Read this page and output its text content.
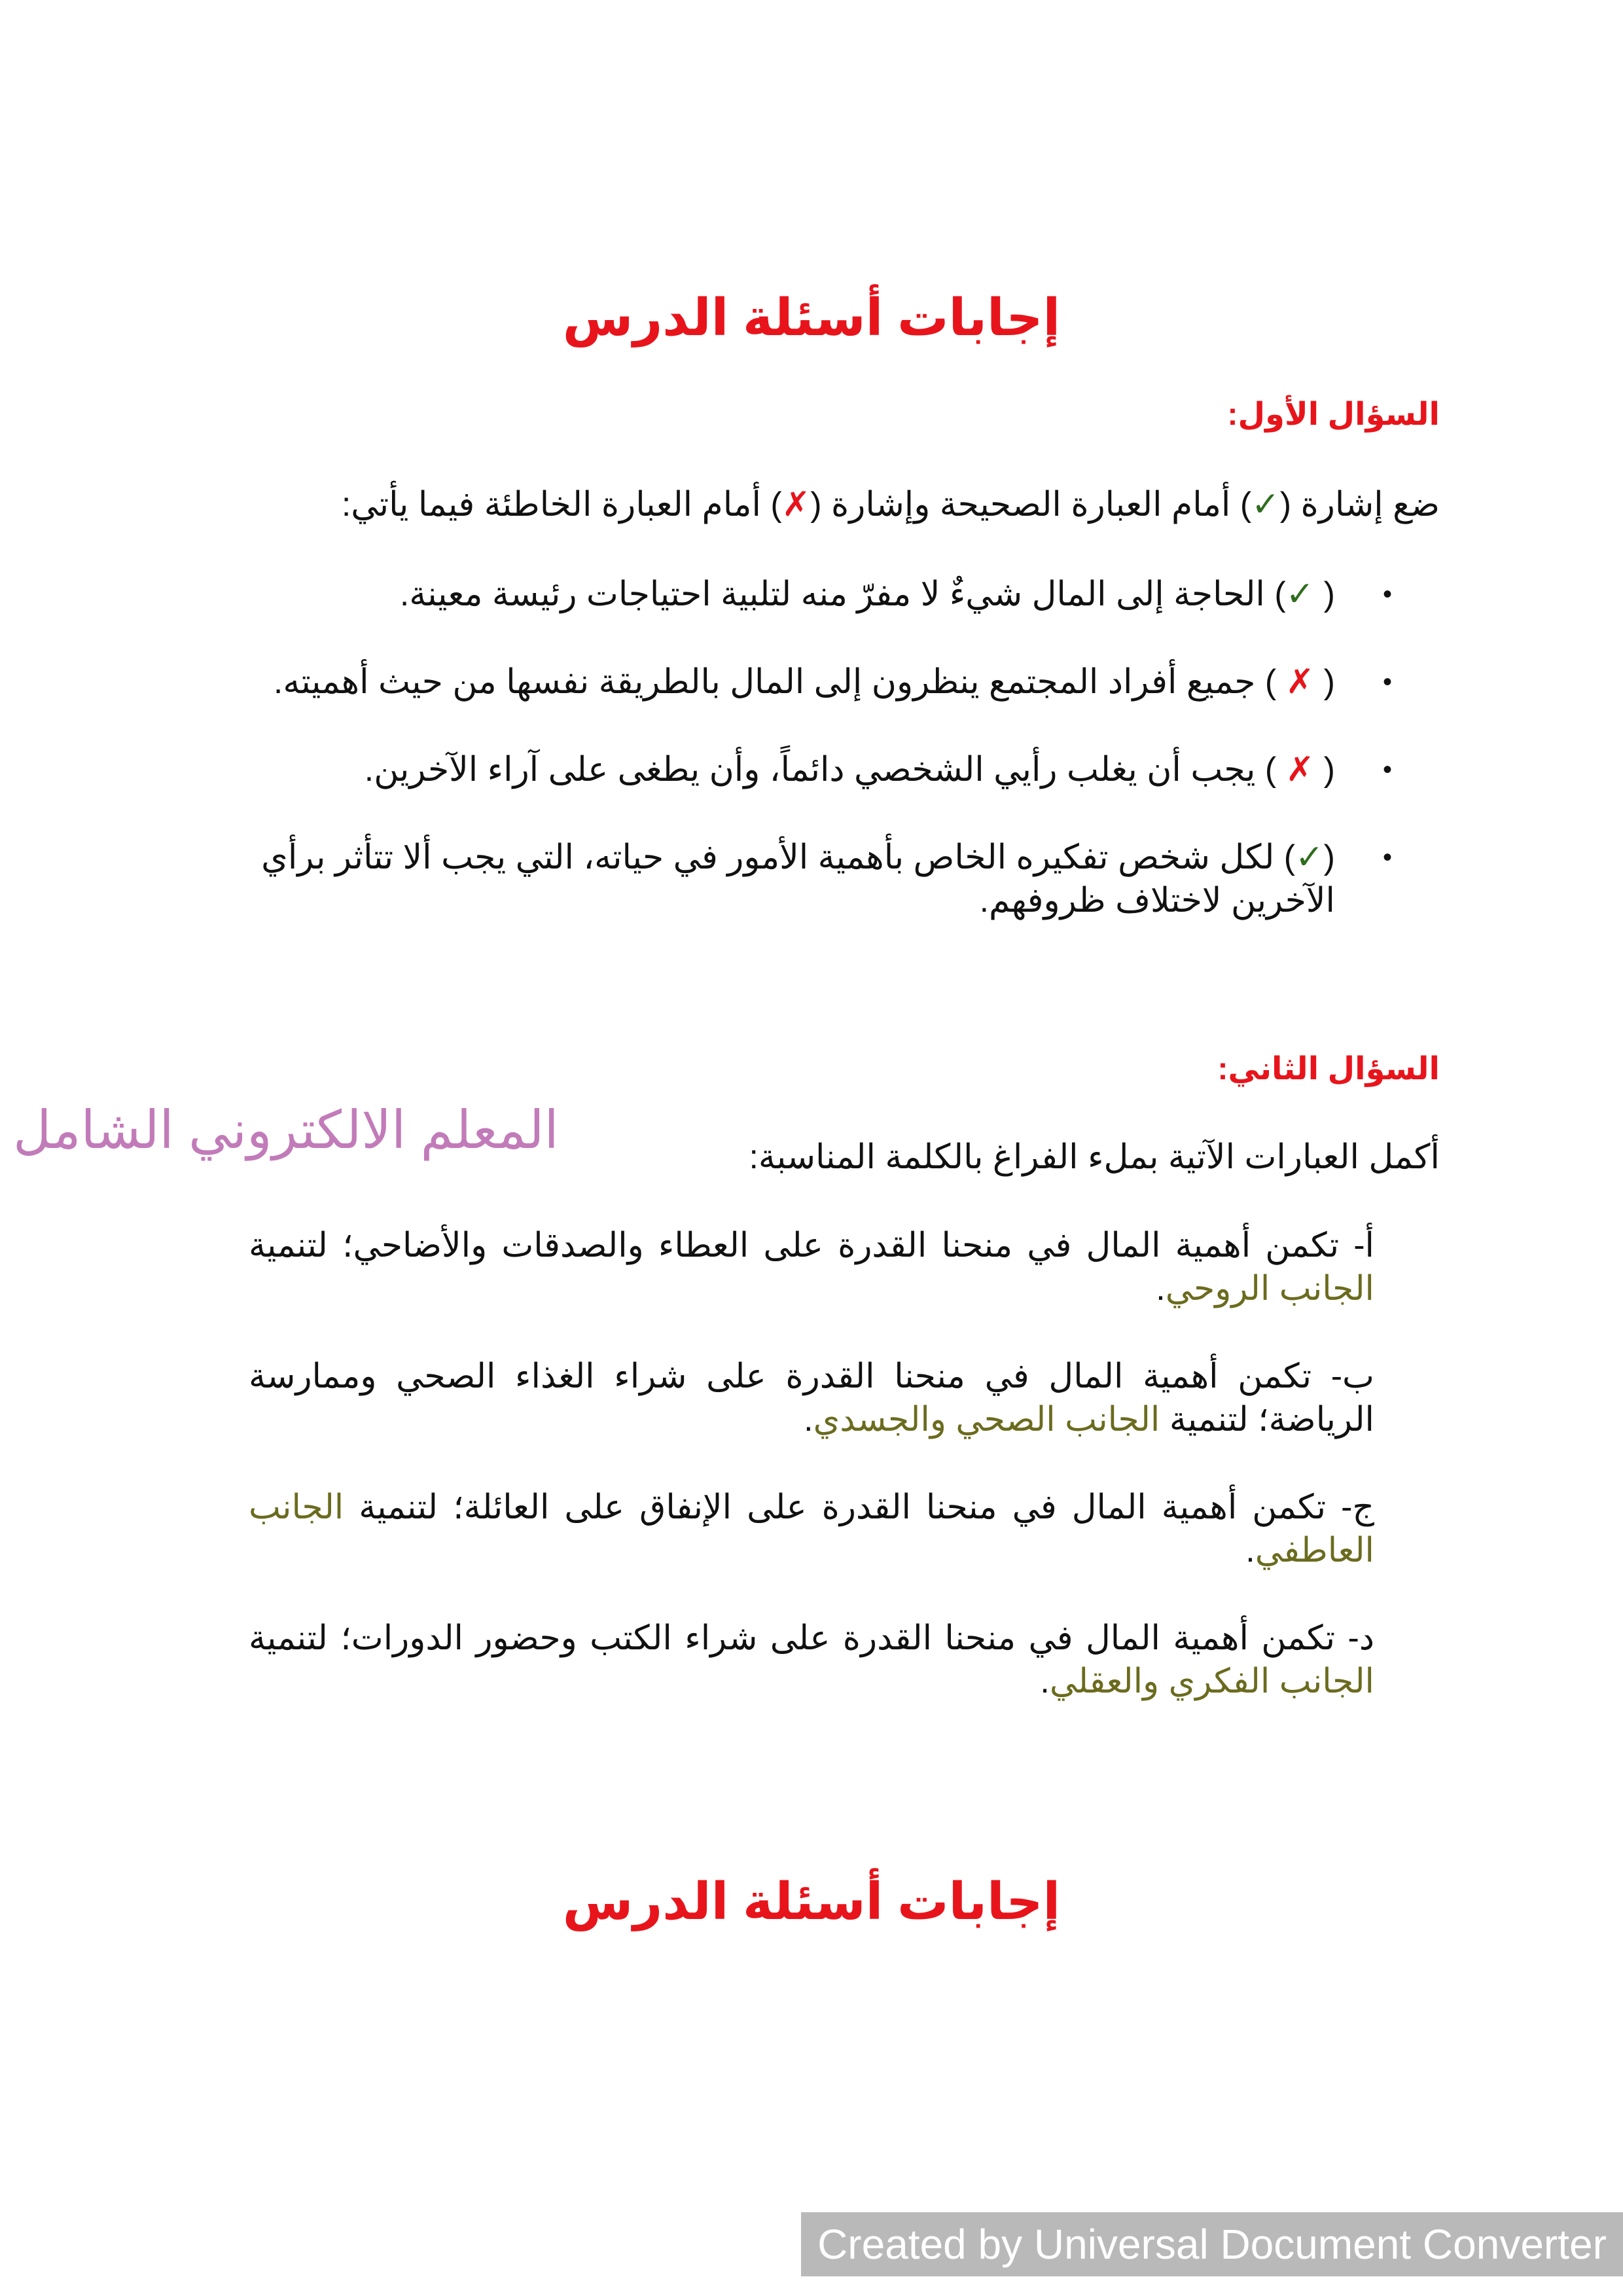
إجابات أسئلة الدرس
السؤال الأول:

ضع إشارة (✓) أمام العبارة الصحيحة وإشارة (✗) أمام العبارة الخاطئة فيما يأتي:

•
( ✓) الحاجة إلى المال شيءٌ لا مفرّ منه لتلبية احتياجات رئيسة معينة.
•
( ✗ ) جميع أفراد المجتمع ينظرون إلى المال بالطريقة نفسها من حيث أهميته.
•
( ✗ ) يجب أن يغلب رأيي الشخصي دائماً، وأن يطغى على آراء الآخرين.
•
(✓) لكل شخص تفكيره الخاص بأهمية الأمور في حياته، التي يجب ألا تتأثر برأي الآخرين لاختلاف ظروفهم.
السؤال الثاني:

أكمل العبارات الآتية بملء الفراغ بالكلمة المناسبة:

المعلم الالكتروني الشامل

أ- تكمن أهمية المال في منحنا القدرة على العطاء والصدقات والأضاحي؛ لتنمية الجانب الروحي.
ب- تكمن أهمية المال في منحنا القدرة على شراء الغذاء الصحي وممارسة الرياضة؛ لتنمية الجانب الصحي والجسدي.
ج- تكمن أهمية المال في منحنا القدرة على الإنفاق على العائلة؛ لتنمية الجانب العاطفي.
د- تكمن أهمية المال في منحنا القدرة على شراء الكتب وحضور الدورات؛ لتنمية الجانب الفكري والعقلي.
إجابات أسئلة الدرس
Created by Universal Document Converter
